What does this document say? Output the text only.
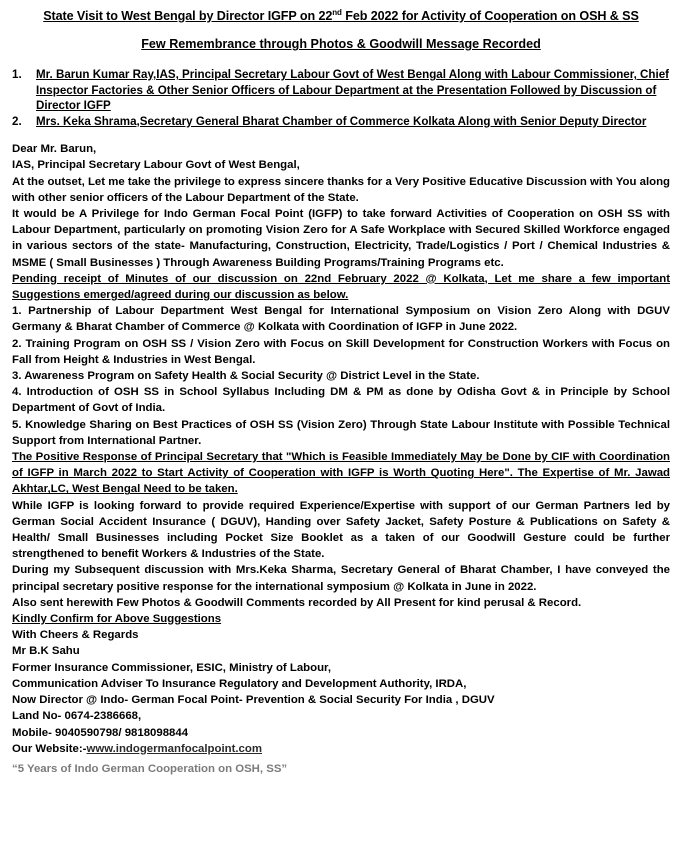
State Visit to West Bengal by Director IGFP on 22nd Feb 2022 for Activity of Cooperation on OSH & SS
Few Remembrance through Photos & Goodwill Message Recorded
1.	Mr. Barun Kumar Ray,IAS, Principal Secretary Labour Govt of West Bengal Along with Labour Commissioner, Chief Inspector Factories & Other Senior Officers of Labour Department at the Presentation Followed by Discussion of Director IGFP
2.	Mrs. Keka Shrama,Secretary General Bharat Chamber of Commerce Kolkata Along with Senior Deputy Director

Dear Mr. Barun,

IAS, Principal Secretary Labour Govt of West Bengal,

At the outset, Let me take the privilege to express sincere thanks for a Very Positive Educative Discussion with You along with other senior officers of the Labour Department of the State.

It would be A Privilege for Indo German Focal Point (IGFP) to take forward Activities of Cooperation on OSH SS with Labour Department, particularly on promoting Vision Zero for A Safe Workplace with Secured Skilled Workforce engaged in various sectors of the state- Manufacturing, Construction, Electricity, Trade/Logistics / Port / Chemical Industries & MSME ( Small Businesses ) Through Awareness Building Programs/Training Programs etc.

Pending receipt of Minutes of our discussion on 22nd February 2022 @ Kolkata, Let me share a few important Suggestions emerged/agreed during our discussion as below.

1. Partnership of Labour Department West Bengal for International Symposium on Vision Zero Along with DGUV Germany & Bharat Chamber of Commerce @ Kolkata with Coordination of IGFP in June 2022.

2. Training Program on OSH SS / Vision Zero with Focus on Skill Development for Construction Workers with Focus on Fall from Height & Industries in West Bengal.

3. Awareness Program on Safety Health & Social Security @ District Level in the State.

4. Introduction of OSH SS in School Syllabus Including DM & PM as done by Odisha Govt & in Principle by School Department of Govt of India.

5. Knowledge Sharing on Best Practices of OSH SS (Vision Zero) Through State Labour Institute with Possible Technical Support from International Partner.

The Positive Response of Principal Secretary that "Which is Feasible Immediately May be Done by CIF with Coordination of IGFP in March 2022 to Start Activity of Cooperation with IGFP is Worth Quoting Here". The Expertise of Mr. Jawad Akhtar,LC, West Bengal Need to be taken.

While IGFP is looking forward to provide required Experience/Expertise with support of our German Partners led by German Social Accident Insurance ( DGUV), Handing over Safety Jacket, Safety Posture & Publications on Safety & Health/ Small Businesses including Pocket Size Booklet as a taken of our Goodwill Gesture could be further strengthened to benefit Workers & Industries of the State.

During my Subsequent discussion with Mrs.Keka Sharma, Secretary General of Bharat Chamber, I have conveyed the principal secretary positive response for the international symposium @ Kolkata in June in 2022.

Also sent herewith Few Photos & Goodwill Comments recorded by All Present for kind perusal & Record.

Kindly Confirm for Above Suggestions

With Cheers & Regards

Mr B.K Sahu

Former Insurance Commissioner, ESIC, Ministry of Labour,

Communication Adviser To Insurance Regulatory and Development Authority, IRDA,

Now Director @ Indo- German Focal Point- Prevention & Social Security For India , DGUV

Land No- 0674-2386668,

Mobile- 9040590798/ 9818098844

Our Website:-www.indogermanfocalpoint.com

“5 Years of Indo German Cooperation on OSH, SS”
